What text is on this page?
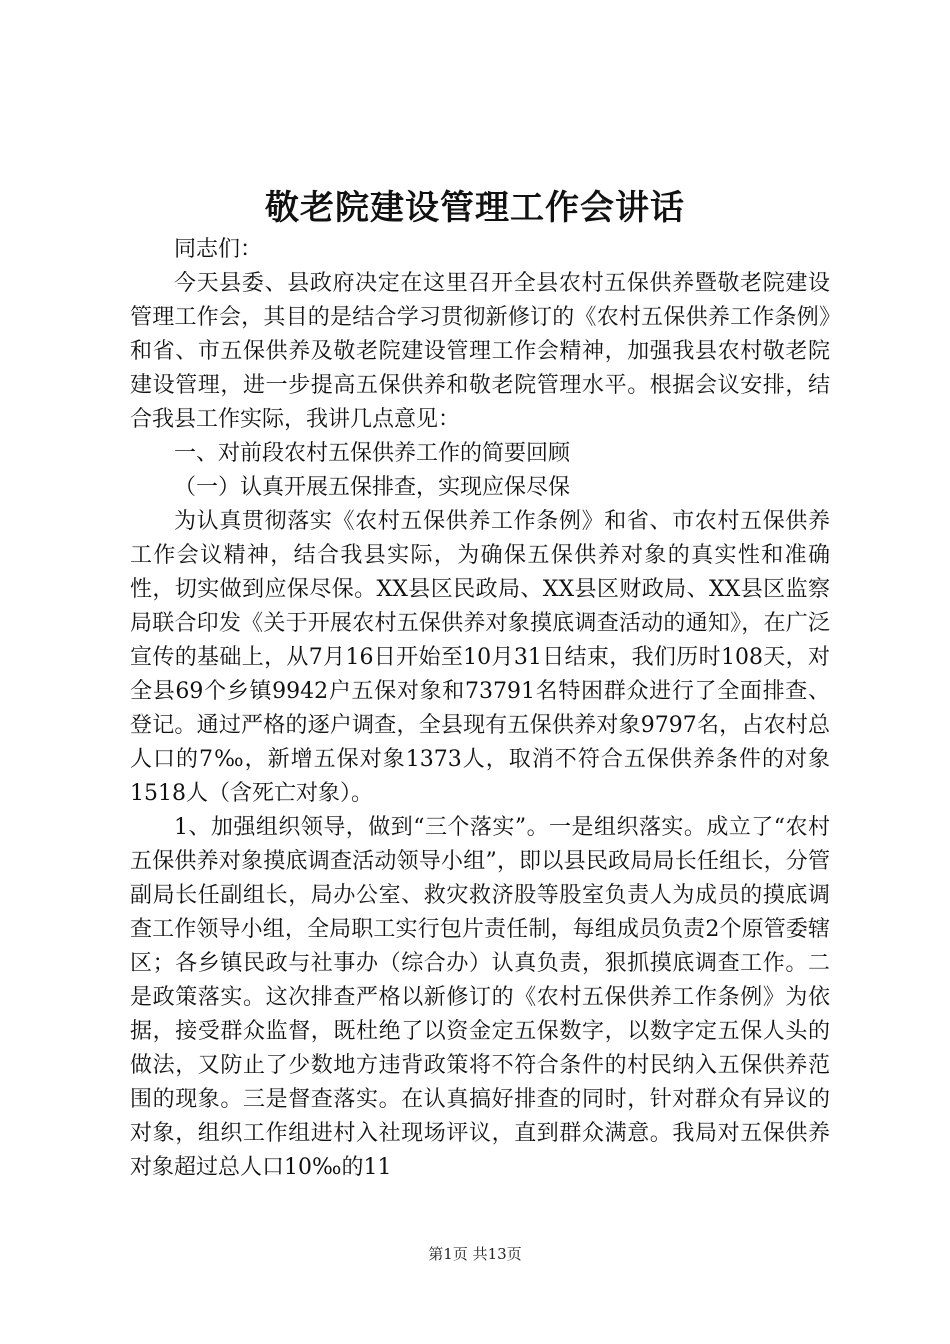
敬老院建设管理工作会讲话

同志们：

今天县委、县政府决定在这里召开全县农村五保供养暨敬老院建设管理工作会，其目的是结合学习贯彻新修订的《农村五保供养工作条例》和省、市五保供养及敬老院建设管理工作会精神，加强我县农村敬老院建设管理，进一步提高五保供养和敬老院管理水平。根据会议安排，结合我县工作实际，我讲几点意见：

一、对前段农村五保供养工作的简要回顾

（一）认真开展五保排查，实现应保尽保

为认真贯彻落实《农村五保供养工作条例》和省、市农村五保供养工作会议精神，结合我县实际，为确保五保供养对象的真实性和准确性，切实做到应保尽保。XX县区民政局、XX县区财政局、XX县区监察局联合印发《关于开展农村五保供养对象摸底调查活动的通知》，在广泛宣传的基础上，从7月16日开始至10月31日结束，我们历时108天，对全县69个乡镇9942户五保对象和73791名特困群众进行了全面排查、登记。通过严格的逐户调查，全县现有五保供养对象9797名，占农村总人口的7‰，新增五保对象1373人，取消不符合五保供养条件的对象1518人（含死亡对象）。

1、加强组织领导，做到“三个落实”。一是组织落实。成立了“农村五保供养对象摸底调查活动领导小组”，即以县民政局局长任组长，分管副局长任副组长，局办公室、救灾救济股等股室负责人为成员的摸底调查工作领导小组，全局职工实行包片责任制，每组成员负责2个原管委辖区；各乡镇民政与社事办（综合办）认真负责，狠抓摸底调查工作。二是政策落实。这次排查严格以新修订的《农村五保供养工作条例》为依据，接受群众监督，既杜绝了以资金定五保数字，以数字定五保人头的做法，又防止了少数地方违背政策将不符合条件的村民纳入五保供养范围的现象。三是督查落实。在认真搞好排查的同时，针对群众有异议的对象，组织工作组进村入社现场评议，直到群众满意。我局对五保供养对象超过总人口10‰的11

第1页 共13页
